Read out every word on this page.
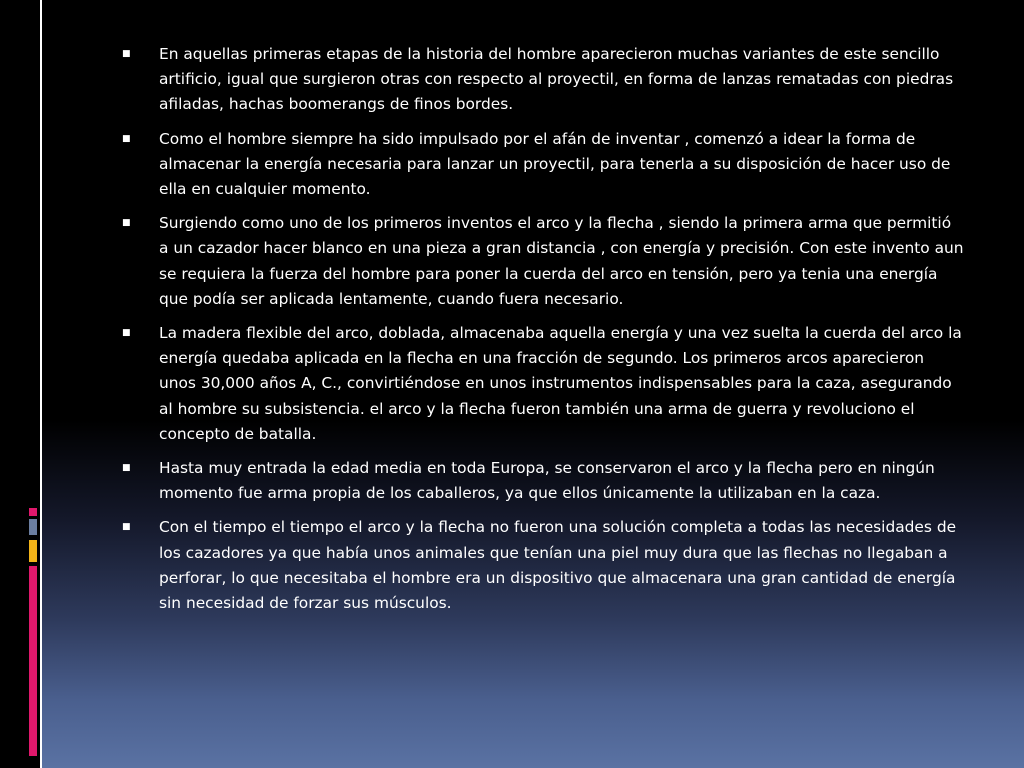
■ En aquellas primeras etapas de la historia del hombre aparecieron muchas variantes de este sencillo artificio, igual que surgieron otras con respecto al proyectil, en forma de lanzas rematadas con piedras afiladas, hachas boomerangs de finos bordes.
■ Como el hombre siempre ha sido impulsado por el afán de inventar , comenzó a idear la forma de almacenar la energía necesaria para lanzar un proyectil, para tenerla a su disposición de hacer uso de ella en cualquier momento.
■ Surgiendo como uno de los primeros inventos el arco y la flecha , siendo la primera arma que permitió a un cazador hacer blanco en una pieza a gran distancia , con energía y precisión. Con este invento aun se requiera la fuerza del hombre para poner la cuerda del arco en tensión, pero ya tenia una energía que podía ser aplicada lentamente, cuando fuera necesario.
■ La madera flexible del arco, doblada, almacenaba aquella energía y una vez suelta la cuerda del arco la energía quedaba aplicada en la flecha en una fracción de segundo. Los primeros arcos aparecieron unos 30,000 años A, C., convirtiéndose en unos instrumentos indispensables para la caza, asegurando al hombre su subsistencia. el arco y la flecha fueron también una arma de guerra y revoluciono el concepto de batalla.
■ Hasta muy entrada la edad media en toda Europa, se conservaron el arco y la flecha pero en ningún momento fue arma propia de los caballeros, ya que ellos únicamente la utilizaban en la caza.
■ Con el tiempo el tiempo el arco y la flecha no fueron una solución completa a todas las necesidades de los cazadores ya que había unos animales que tenían una piel muy dura que las flechas no llegaban a perforar, lo que necesitaba el hombre era un dispositivo que almacenara una gran cantidad de energía sin necesidad de forzar sus músculos.
